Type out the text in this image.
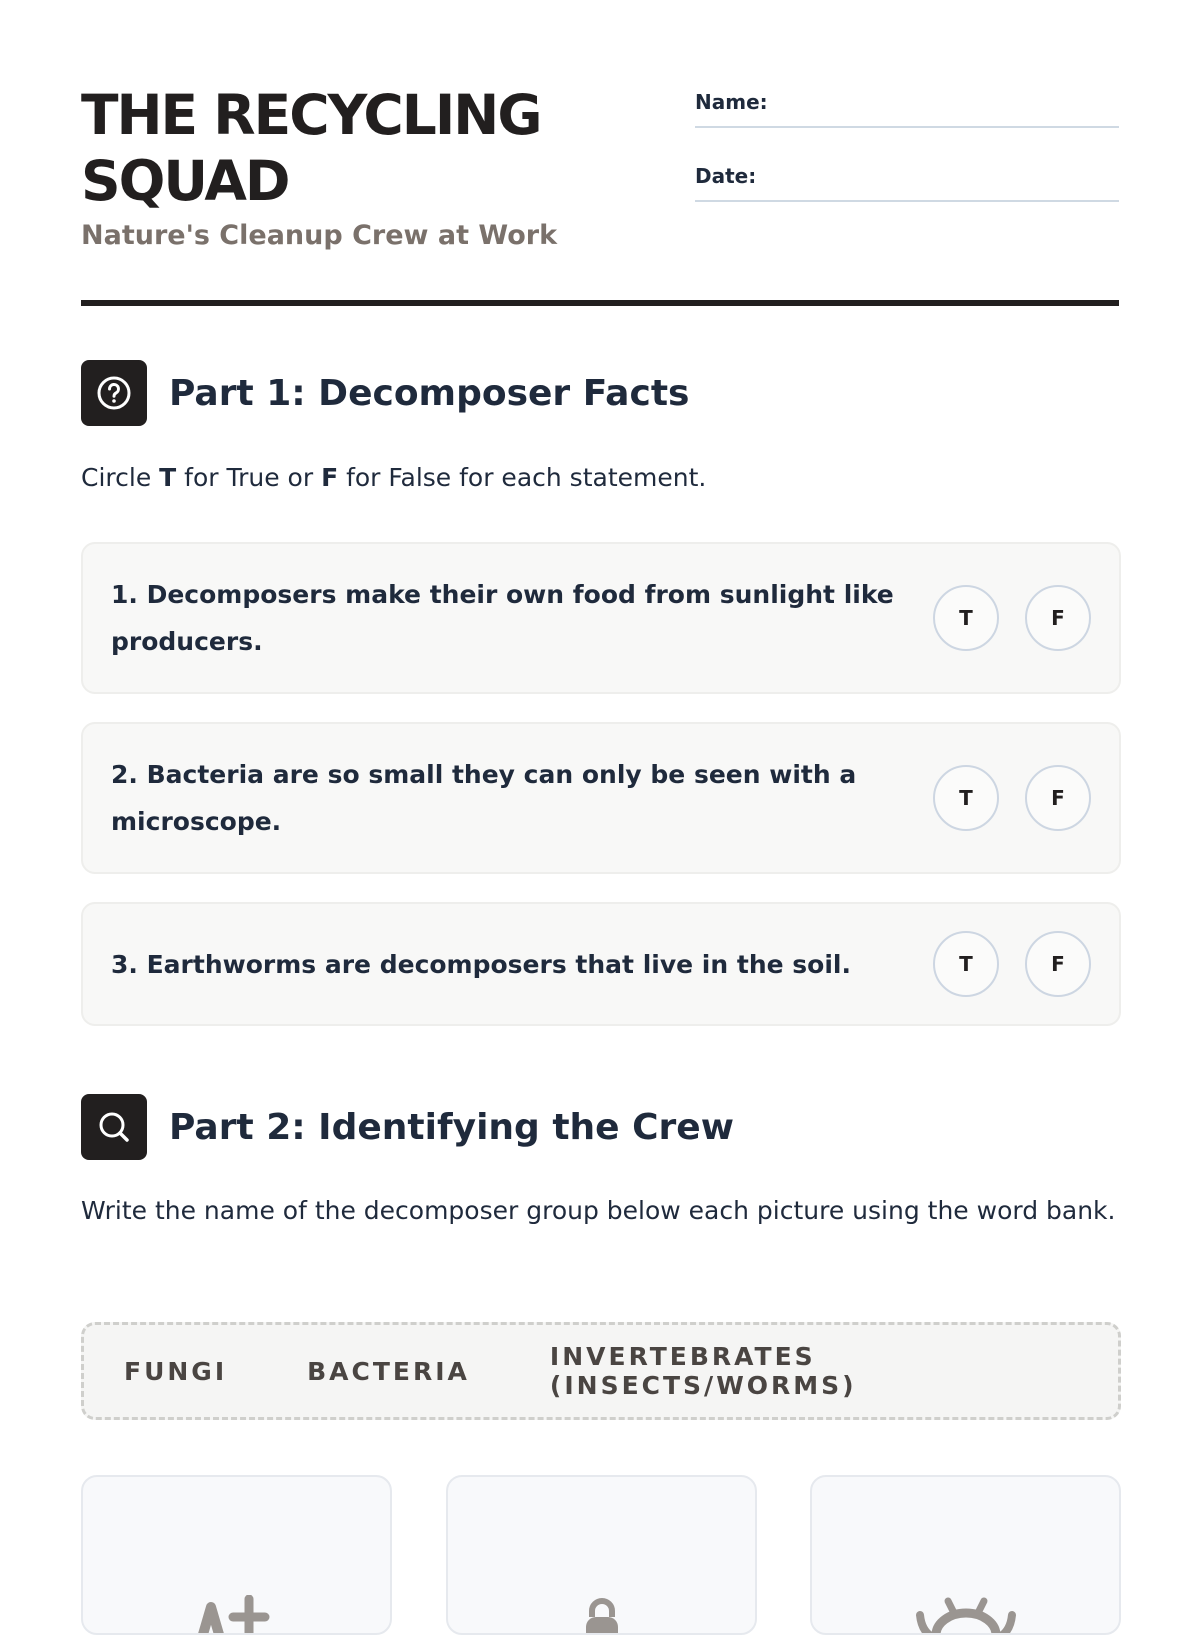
THE RECYCLING SQUAD
Nature's Cleanup Crew at Work
Name:
Date:
Part 1: Decomposer Facts

Circle T for True or F for False for each statement.

1. Decomposers make their own food from sunlight like producers.
T	F
2. Bacteria are so small they can only be seen with a microscope.
T	F
3. Earthworms are decomposers that live in the soil.	T	F
Part 2: Identifying the Crew

Write the name of the decomposer group below each picture using the word bank.

FUNGI	BACTERIA	INVERTEBRATES (INSECTS/WORMS)
